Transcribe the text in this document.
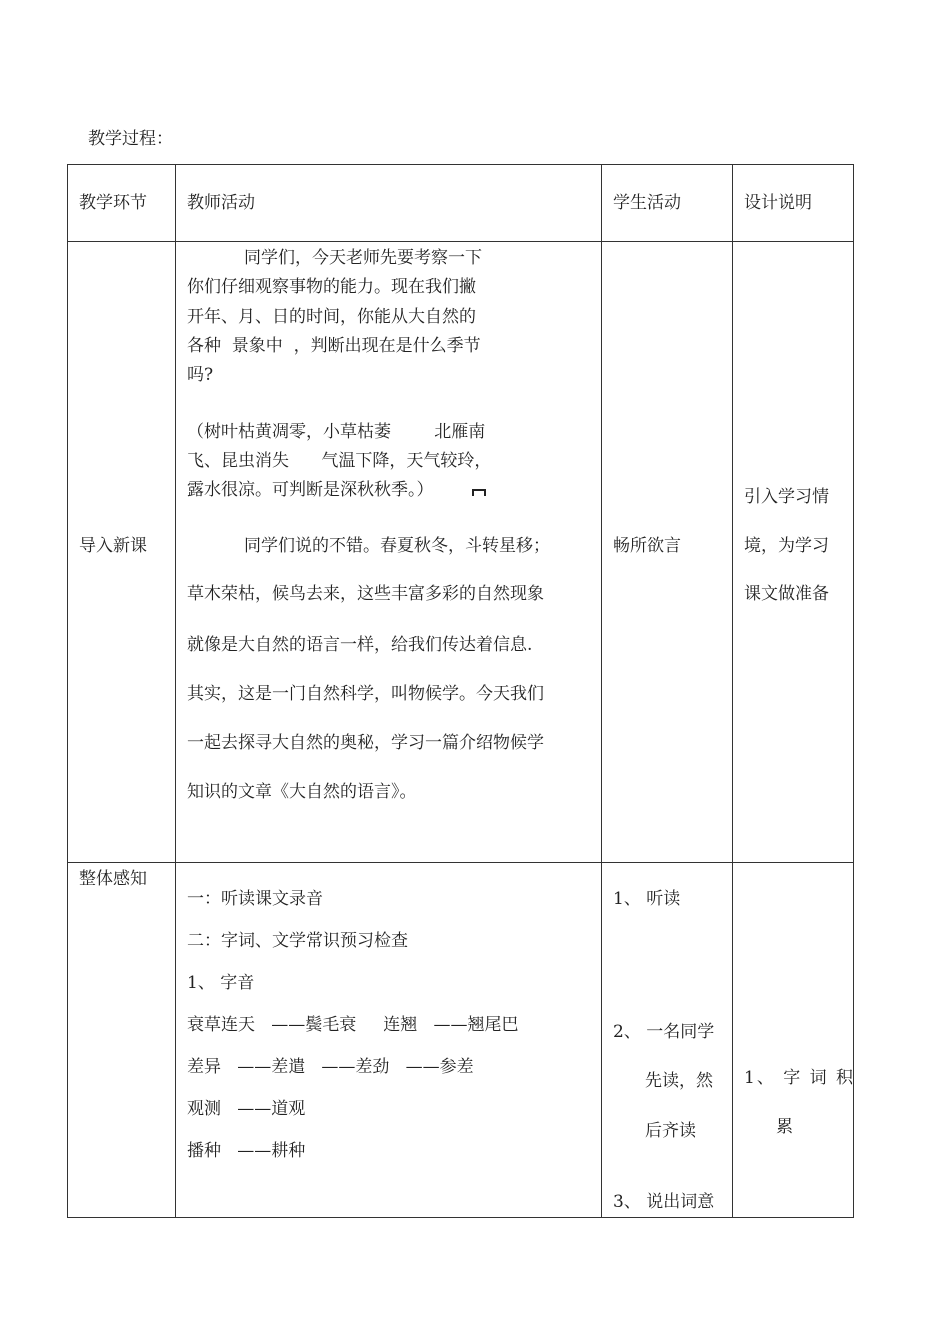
教学过程：
教学环节 教师活动	学生活动	设计说明
导入新课
同学们，今天老师先要考察一下
你们仔细观察事物的能力。现在我们撇
开年、月、日的时间，你能从大自然的
各种  景象中  ，判断出现在是什么季节
吗?
（树叶枯黄凋零，小草枯萎        北雁南
飞、昆虫消失      气温下降，天气较玲，
露水很凉。可判断是深秋秋季。）
同学们说的不错。春夏秋冬，斗转星移；
草木荣枯，候鸟去来，这些丰富多彩的自然现象
就像是大自然的语言一样，给我们传达着信息.
其实，这是一门自然科学，叫物候学。今天我们
一起去探寻大自然的奥秘，学习一篇介绍物候学
知识的文章《大自然的语言》。
畅所欲言
引入学习情
境，为学习
课文做准备
整体感知
一：听读课文录音
二：字词、文学常识预习检查
1、 字音
衰草连天   ——鬓毛衰     连翘   ——翘尾巴
差异   ——差遣   ——差劲   ——参差
观测   ——道观
播种   ——耕种
1、 听读
2、 一名同学
先读，然
后齐读
3、 说出词意
1、 字 词 积
累
